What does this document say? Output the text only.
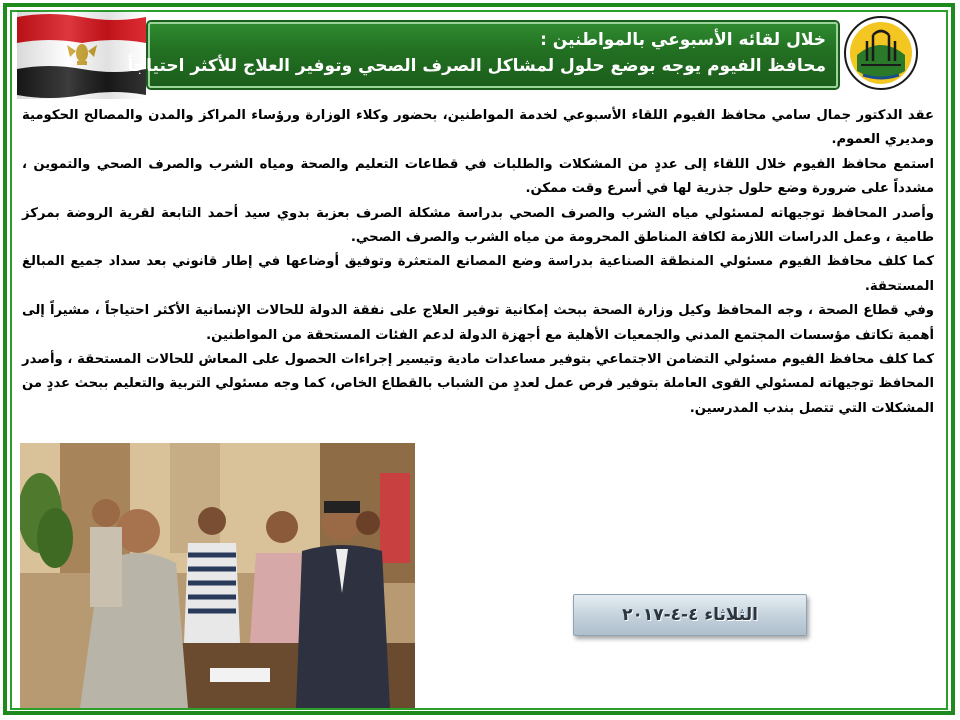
خلال لقائه الأسبوعي بالمواطنين :
محافظ الفيوم يوجه بوضع حلول لمشاكل الصرف الصحي وتوفير العلاج للأكثر احتياجاً

عقد الدكتور جمال سامي محافظ الفيوم اللقاء الأسبوعي لخدمة المواطنين، بحضور وكلاء الوزارة ورؤساء المراكز والمدن والمصالح الحكومية ومديري العموم.

استمع محافظ الفيوم خلال اللقاء إلى عددٍ من المشكلات والطلبات في قطاعات التعليم والصحة ومياه الشرب والصرف الصحي والتموين ، مشدداً على ضرورة وضع حلول جذرية لها في أسرع وقت ممكن.

وأصدر المحافظ توجيهاته لمسئولي مياه الشرب والصرف الصحي بدراسة مشكلة الصرف بعزبة بدوي سيد أحمد التابعة لقرية الروضة بمركز طامية ، وعمل الدراسات اللازمة لكافة المناطق المحرومة من مياه الشرب والصرف الصحي.

كما كلف محافظ الفيوم مسئولي المنطقة الصناعية بدراسة وضع المصانع المتعثرة وتوفيق أوضاعها في إطار قانوني بعد سداد جميع المبالغ المستحقة.

وفي قطاع الصحة ، وجه المحافظ وكيل وزارة الصحة ببحث إمكانية توفير العلاج على نفقة الدولة للحالات الإنسانية الأكثر احتياجاً ، مشيراً إلى أهمية تكاتف مؤسسات المجتمع المدني والجمعيات الأهلية مع أجهزة الدولة لدعم الفئات المستحقة من المواطنين.

كما كلف محافظ الفيوم مسئولي التضامن الاجتماعي بتوفير مساعدات مادية وتيسير إجراءات الحصول على المعاش للحالات المستحقة ، وأصدر المحافظ توجيهاته لمسئولي القوى العاملة بتوفير فرص عمل لعددٍ من الشباب بالقطاع الخاص، كما وجه مسئولي التربية والتعليم ببحث عددٍ من المشكلات التي تتصل بندب المدرسين.

الثلاثاء ٤-٤-٢٠١٧
